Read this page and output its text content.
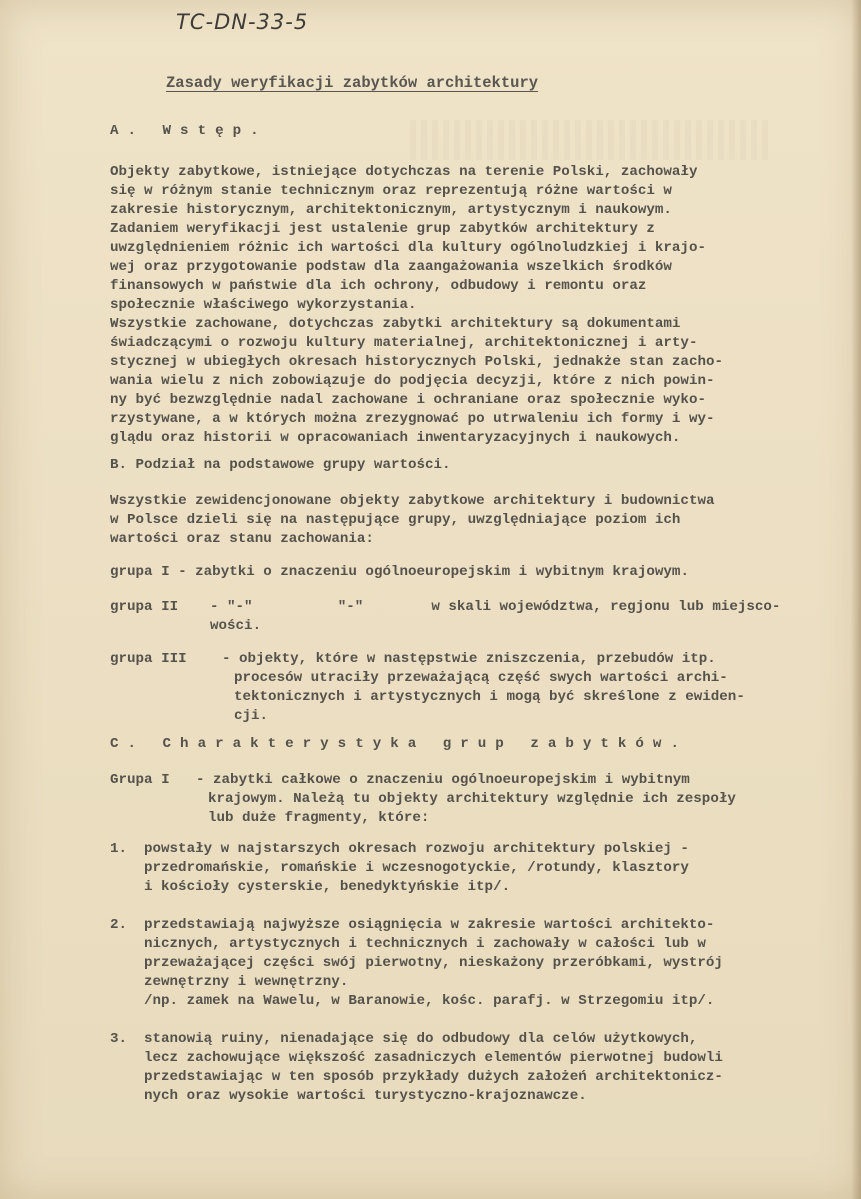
TC-DN-33-5
Zasady weryfikacji zabytków architektury
A. Wstęp.
Objekty zabytkowe, istniejące dotychczas na terenie Polski, zachowały
się w różnym stanie technicznym oraz reprezentują różne wartości w
zakresie historycznym, architektonicznym, artystycznym i naukowym.
Zadaniem weryfikacji jest ustalenie grup zabytków architektury z
uwzględnieniem różnic ich wartości dla kultury ogólnoludzkiej i krajo-
wej oraz przygotowanie podstaw dla zaangażowania wszelkich środków
finansowych w państwie dla ich ochrony, odbudowy i remontu oraz
społecznie właściwego wykorzystania.
Wszystkie zachowane, dotychczas zabytki architektury są dokumentami
świadczącymi o rozwoju kultury materialnej, architektonicznej i arty-
stycznej w ubiegłych okresach historycznych Polski, jednakże stan zacho-
wania wielu z nich zobowiązuje do podjęcia decyzji, które z nich powin-
ny być bezwzględnie nadal zachowane i ochraniane oraz społecznie wyko-
rzystywane, a w których można zrezygnować po utrwaleniu ich formy i wy-
glądu oraz historii w opracowaniach inwentaryzacyjnych i naukowych.
B. Podział na podstawowe grupy wartości.
Wszystkie zewidencjonowane objekty zabytkowe architektury i budownictwa
w Polsce dzieli się na następujące grupy, uwzględniające poziom ich
wartości oraz stanu zachowania:
grupa I - zabytki o znaczeniu ogólnoeuropejskim i wybitnym krajowym.
grupa II - "-"          "-"        w skali województwa, regjonu lub miejsco-
wości.
grupa III - objekty, które w następstwie zniszczenia, przebudów itp.
procesów utraciły przeważającą część swych wartości archi-
tektonicznych i artystycznych i mogą być skreślone z ewiden-
cji.
C. Charakterystyka grup zabytków.
Grupa I - zabytki całkowe o znaczeniu ogólnoeuropejskim i wybitnym
krajowym. Należą tu objekty architektury względnie ich zespoły
lub duże fragmenty, które:
1. powstały w najstarszych okresach rozwoju architektury polskiej -
przedromańskie, romańskie i wczesnogotyckie, /rotundy, klasztory
i kościoły cysterskie, benedyktyńskie itp/.
2. przedstawiają najwyższe osiągnięcia w zakresie wartości architekto-
nicznych, artystycznych i technicznych i zachowały w całości lub w
przeważającej części swój pierwotny, nieskażony przeróbkami, wystrój
zewnętrzny i wewnętrzny.
/np. zamek na Wawelu, w Baranowie, kośc. parafj. w Strzegomiu itp/.
3. stanowią ruiny, nienadające się do odbudowy dla celów użytkowych,
lecz zachowujące większość zasadniczych elementów pierwotnej budowli
przedstawiając w ten sposób przykłady dużych założeń architektonicz-
nych oraz wysokie wartości turystyczno-krajoznawcze.
